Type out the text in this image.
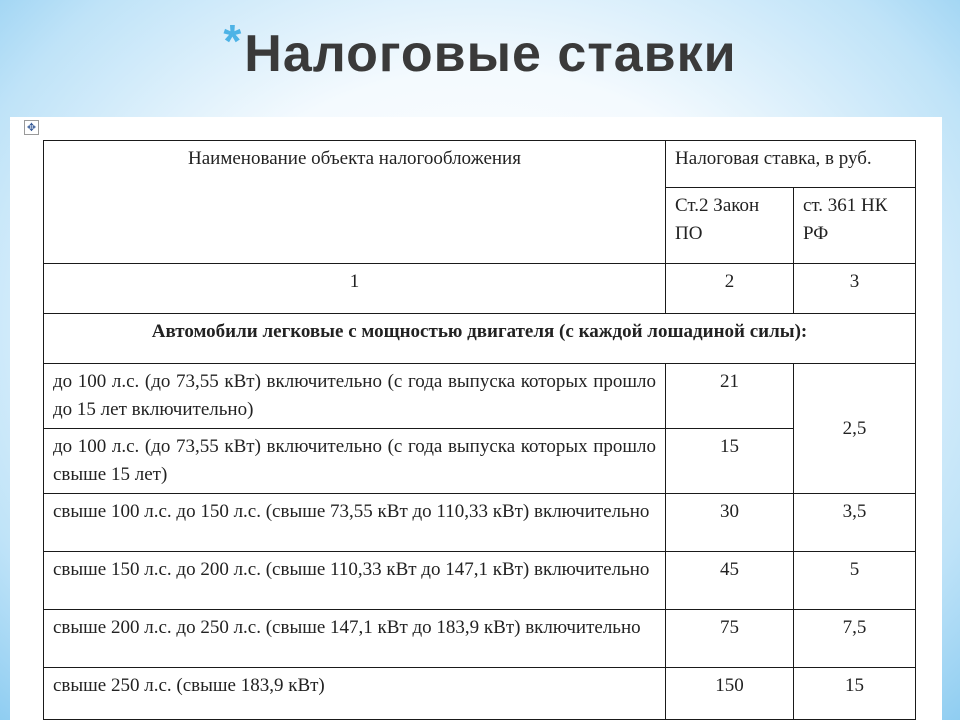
*Налоговые ставки
✥
Наименование объекта налогообложения	Налоговая ставка, в руб.	
	Ст.2 Закон ПО	ст. 361 НК РФ
1	2	3
Автомобили легковые с мощностью двигателя (с каждой лошадиной силы):		
до 100 л.с. (до 73,55 кВт) включительно (с года выпуска которых прошло до 15 лет включительно)	21	2,5
до 100 л.с. (до 73,55 кВт) включительно (с года выпуска которых прошло свыше 15 лет)	15	
свыше 100 л.с. до 150 л.с. (свыше 73,55 кВт до 110,33 кВт) включительно	30	3,5
свыше 150 л.с. до 200 л.с. (свыше 110,33 кВт до 147,1 кВт) включительно	45	5
свыше 200 л.с. до 250 л.с. (свыше 147,1 кВт до 183,9 кВт) включительно	75	7,5
свыше 250 л.с. (свыше 183,9 кВт)	150	15
